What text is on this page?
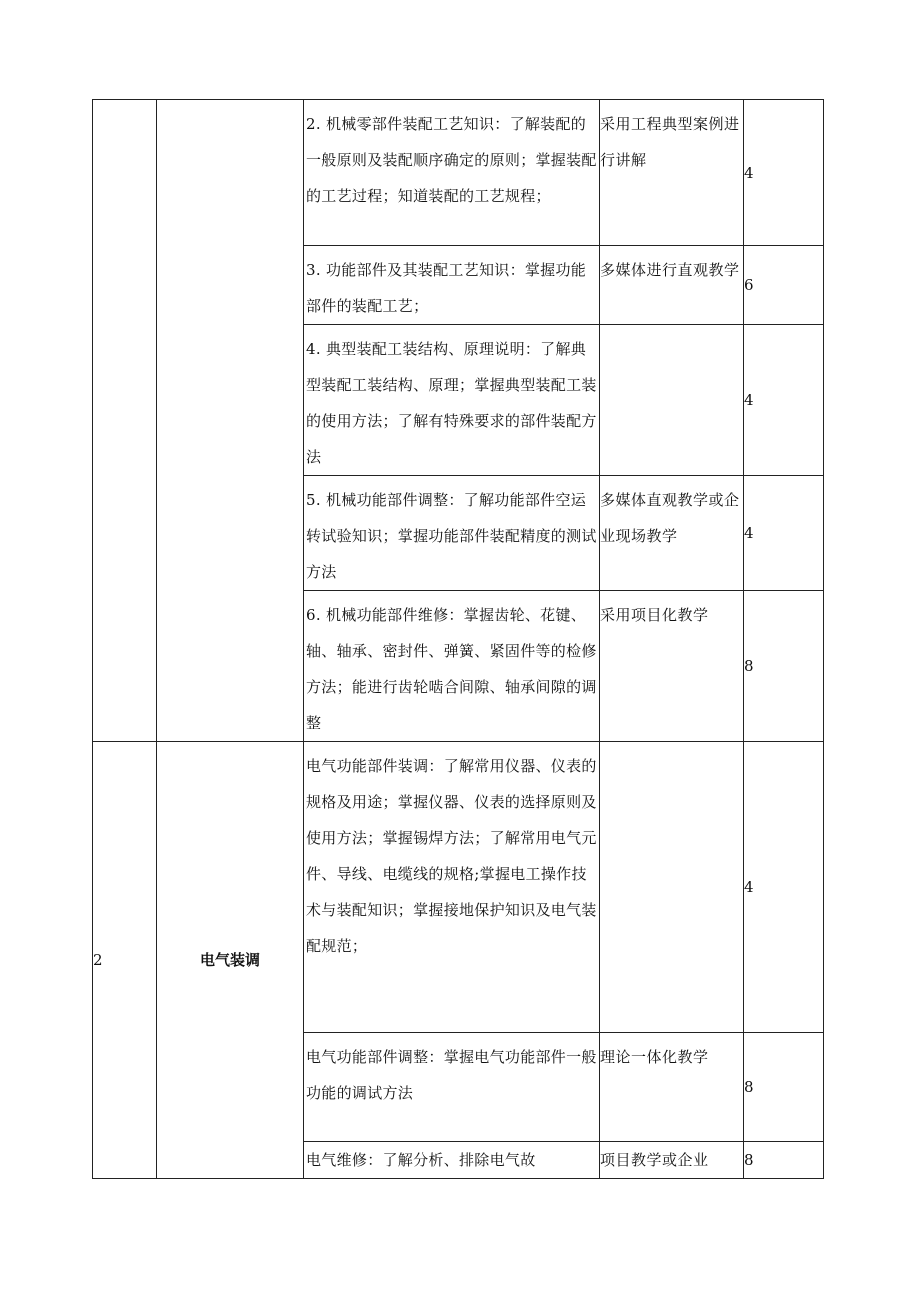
		2. 机械零部件装配工艺知识：了解装配的一般原则及装配顺序确定的原则；掌握装配的工艺过程；知道装配的工艺规程；	采用工程典型案例进行讲解	4

		3. 功能部件及其装配工艺知识：掌握功能部件的装配工艺；	多媒体进行直观教学	6

		4. 典型装配工装结构、原理说明：了解典型装配工装结构、原理；掌握典型装配工装的使用方法；了解有特殊要求的部件装配方法		4

		5. 机械功能部件调整：了解功能部件空运转试验知识；掌握功能部件装配精度的测试方法	多媒体直观教学或企业现场教学	4

		6. 机械功能部件维修：掌握齿轮、花键、轴、轴承、密封件、弹簧、紧固件等的检修方法；能进行齿轮啮合间隙、轴承间隙的调整	采用项目化教学	8
2	电气装调	电气功能部件装调：了解常用仪器、仪表的规格及用途；掌握仪器、仪表的选择原则及使用方法；掌握锡焊方法；了解常用电气元件、导线、电缆线的规格;掌握电工操作技术与装配知识；掌握接地保护知识及电气装配规范；		4

		电气功能部件调整：掌握电气功能部件一般功能的调试方法	理论一体化教学	8

		电气维修：了解分析、排除电气故	项目教学或企业	8
